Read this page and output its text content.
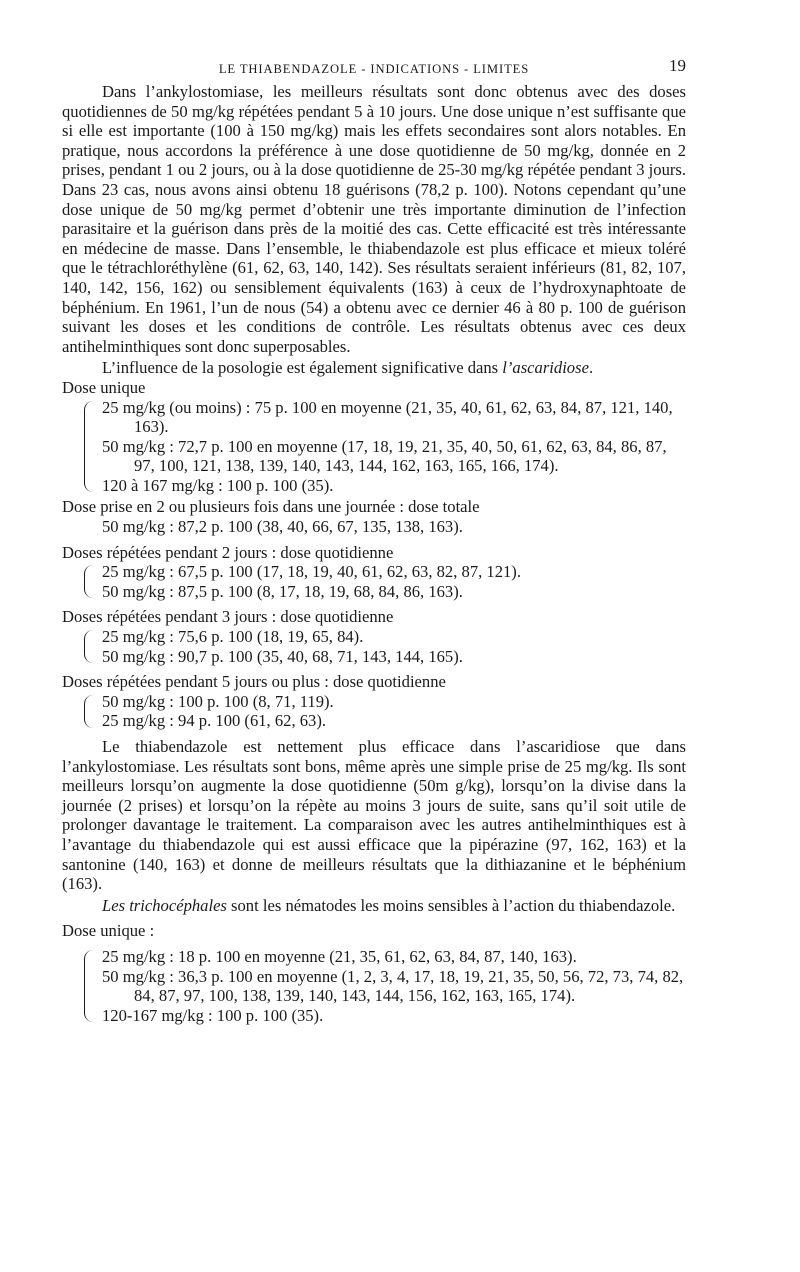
LE THIABENDAZOLE - INDICATIONS - LIMITES	19

Dans l’ankylostomiase, les meilleurs résultats sont donc obtenus avec des doses quotidiennes de 50 mg/kg répétées pendant 5 à 10 jours. Une dose unique n’est suffisante que si elle est importante (100 à 150 mg/kg) mais les effets secondaires sont alors notables. En pratique, nous accordons la préférence à une dose quotidienne de 50 mg/kg, donnée en 2 prises, pendant 1 ou 2 jours, ou à la dose quotidienne de 25-30 mg/kg répétée pendant 3 jours. Dans 23 cas, nous avons ainsi obtenu 18 guérisons (78,2 p. 100). Notons cependant qu’une dose unique de 50 mg/kg permet d’obtenir une très importante diminution de l’infection parasitaire et la guérison dans près de la moitié des cas. Cette efficacité est très intéressante en médecine de masse. Dans l’ensemble, le thiabendazole est plus efficace et mieux toléré que le tétrachloréthylène (61, 62, 63, 140, 142). Ses résultats seraient inférieurs (81, 82, 107, 140, 142, 156, 162) ou sensiblement équivalents (163) à ceux de l’hydroxynaphtoate de béphénium. En 1961, l’un de nous (54) a obtenu avec ce dernier 46 à 80 p. 100 de guérison suivant les doses et les conditions de contrôle. Les résultats obtenus avec ces deux antihelminthiques sont donc superposables.

L’influence de la posologie est également significative dans l’ascaridiose.

Dose unique

25 mg/kg (ou moins) : 75 p. 100 en moyenne (21, 35, 40, 61, 62, 63, 84, 87, 121, 140, 163).

50 mg/kg : 72,7 p. 100 en moyenne (17, 18, 19, 21, 35, 40, 50, 61, 62, 63, 84, 86, 87, 97, 100, 121, 138, 139, 140, 143, 144, 162, 163, 165, 166, 174).

120 à 167 mg/kg : 100 p. 100 (35).

Dose prise en 2 ou plusieurs fois dans une journée : dose totale

50 mg/kg : 87,2 p. 100 (38, 40, 66, 67, 135, 138, 163).

Doses répétées pendant 2 jours : dose quotidienne

25 mg/kg : 67,5 p. 100 (17, 18, 19, 40, 61, 62, 63, 82, 87, 121).

50 mg/kg : 87,5 p. 100 (8, 17, 18, 19, 68, 84, 86, 163).

Doses répétées pendant 3 jours : dose quotidienne

25 mg/kg : 75,6 p. 100 (18, 19, 65, 84).

50 mg/kg : 90,7 p. 100 (35, 40, 68, 71, 143, 144, 165).

Doses répétées pendant 5 jours ou plus : dose quotidienne

50 mg/kg : 100 p. 100 (8, 71, 119).

25 mg/kg : 94 p. 100 (61, 62, 63).

Le thiabendazole est nettement plus efficace dans l’ascaridiose que dans l’ankylostomiase. Les résultats sont bons, même après une simple prise de 25 mg/kg. Ils sont meilleurs lorsqu’on augmente la dose quotidienne (50m g/kg), lorsqu’on la divise dans la journée (2 prises) et lorsqu’on la répète au moins 3 jours de suite, sans qu’il soit utile de prolonger davantage le traitement. La comparaison avec les autres antihelminthiques est à l’avantage du thiabendazole qui est aussi efficace que la pipérazine (97, 162, 163) et la santonine (140, 163) et donne de meilleurs résultats que la dithiazanine et le béphénium (163).

Les trichocéphales sont les nématodes les moins sensibles à l’action du thiabendazole.

Dose unique :

25 mg/kg : 18 p. 100 en moyenne (21, 35, 61, 62, 63, 84, 87, 140, 163).

50 mg/kg : 36,3 p. 100 en moyenne (1, 2, 3, 4, 17, 18, 19, 21, 35, 50, 56, 72, 73, 74, 82, 84, 87, 97, 100, 138, 139, 140, 143, 144, 156, 162, 163, 165, 174).

120-167 mg/kg : 100 p. 100 (35).
